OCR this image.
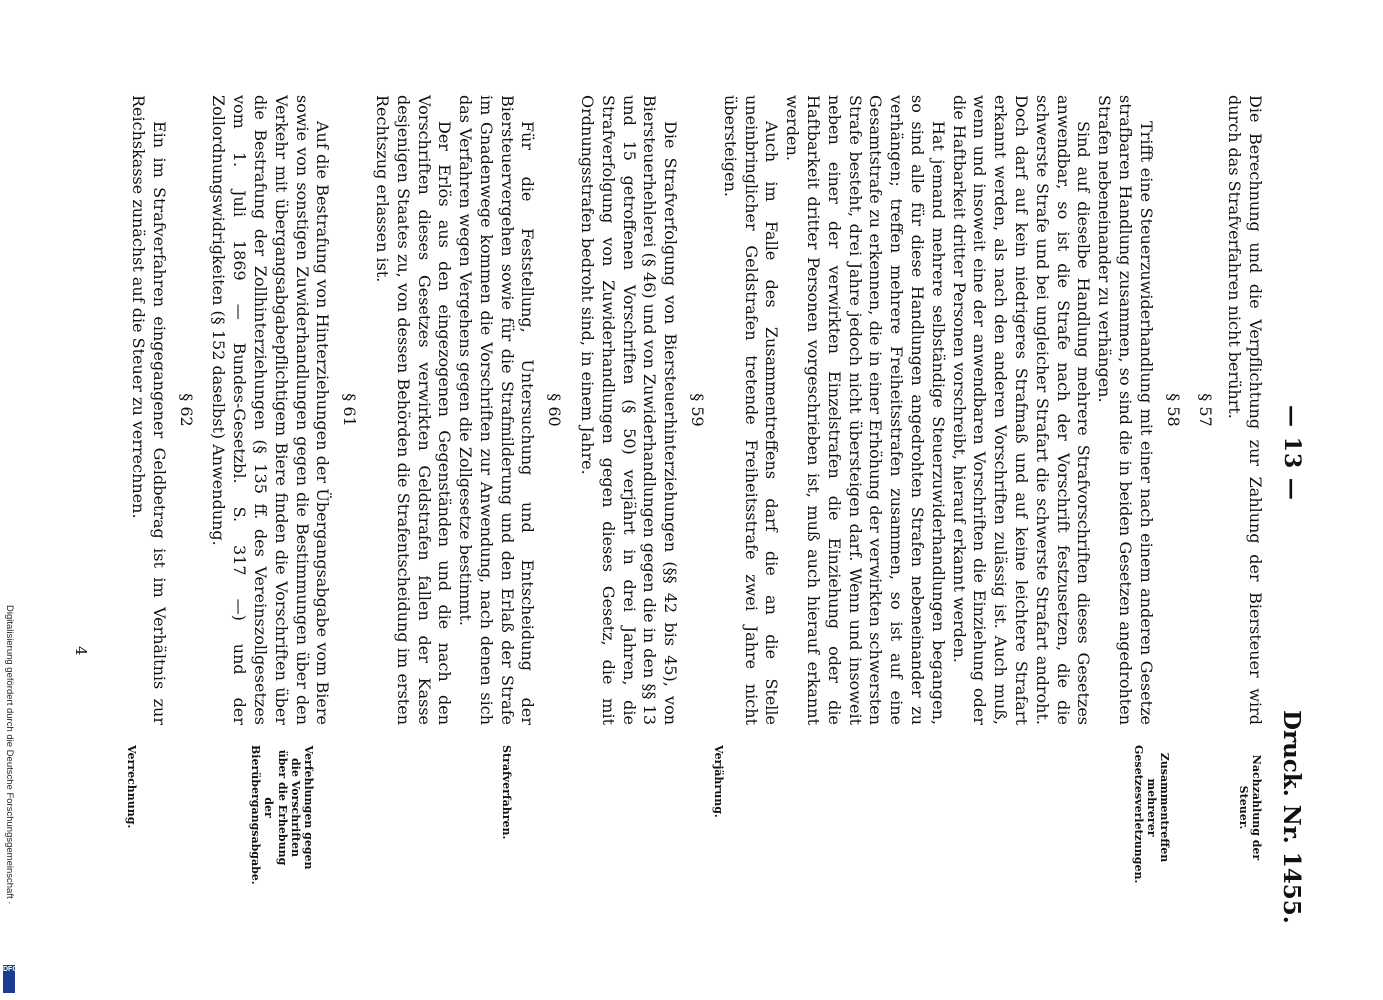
— 13 —
Druck. Nr. 1455.

Die Berechnung und die Verpflichtung zur Zahlung der Biersteuer wird durch das Strafverfahren nicht berührt.

§ 57
§ 58

Trifft eine Steuerzuwiderhandlung mit einer nach einem anderen Gesetze strafbaren Handlung zusammen, so sind die in beiden Gesetzen angedrohten Strafen nebeneinander zu verhängen.

Sind auf dieselbe Handlung mehrere Strafvorschriften dieses Gesetzes anwendbar, so ist die Strafe nach der Vorschrift festzusetzen, die die schwerste Strafe und bei ungleicher Strafart die schwerste Strafart androht. Doch darf auf kein niedrigeres Strafmaß und auf keine leichtere Strafart erkannt werden, als nach den anderen Vorschriften zulässig ist. Auch muß, wenn und insoweit eine der anwendbaren Vorschriften die Einziehung oder die Haftbarkeit dritter Personen vorschreibt, hierauf erkannt werden.

Hat jemand mehrere selbständige Steuerzuwiderhandlungen begangen, so sind alle für diese Handlungen angedrohten Strafen nebeneinander zu verhängen; treffen mehrere Freiheitsstrafen zusammen, so ist auf eine Gesamtstrafe zu erkennen, die in einer Erhöhung der verwirkten schwersten Strafe besteht, drei Jahre jedoch nicht übersteigen darf. Wenn und insoweit neben einer der verwirkten Einzelstrafen die Einziehung oder die Haftbarkeit dritter Personen vorgeschrieben ist, muß auch hierauf erkannt werden.

Auch im Falle des Zusammentreffens darf die an die Stelle uneinbringlicher Geldstrafen tretende Freiheitsstrafe zwei Jahre nicht übersteigen.

§ 59

Die Strafverfolgung von Biersteuerhinterziehungen (§§ 42 bis 45), von Biersteuerhehlerei (§ 46) und von Zuwiderhandlungen gegen die in den §§ 13 und 15 getroffenen Vorschriften (§ 50) verjährt in drei Jahren, die Strafverfolgung von Zuwiderhandlungen gegen dieses Gesetz, die mit Ordnungsstrafen bedroht sind, in einem Jahre.

§ 60

Für die Feststellung, Untersuchung und Entscheidung der Biersteuervergehen sowie für die Strafmilderung und den Erlaß der Strafe im Gnadenwege kommen die Vorschriften zur Anwendung, nach denen sich das Verfahren wegen Vergehens gegen die Zollgesetze bestimmt.

Der Erlös aus den eingezogenen Gegenständen und die nach den Vorschriften dieses Gesetzes verwirkten Geldstrafen fallen der Kasse desjenigen Staates zu, von dessen Behörden die Strafentscheidung im ersten Rechtszug erlassen ist.

§ 61

Auf die Bestrafung von Hinterziehungen der Übergangsabgabe vom Biere sowie von sonstigen Zuwiderhandlungen gegen die Bestimmungen über den Verkehr mit übergangsabgabepflichtigem Biere finden die Vorschriften über die Bestrafung der Zollhinterziehungen (§ 135 ff. des Vereinszollgesetzes vom 1. Juli 1869 — Bundes-Gesetzbl. S. 317 —) und der Zollordnungswidrigkeiten (§ 152 daselbst) Anwendung.

§ 62

Ein im Strafverfahren eingegangener Geldbetrag ist im Verhältnis zur Reichskasse zunächst auf die Steuer zu verrechnen.

Nachzahlung der Steuer.
Zusammentreffen mehrerer Gesetzesverletzungen.
Verjährung.
Strafverfahren.
Verfehlungen gegen die Vorschriften über die Erhebung der Bierübergangsabgabe.
Verrechnung.
4
Digitalisierung gefördert durch die Deutsche Forschungsgemeinschaft ·
DFG
